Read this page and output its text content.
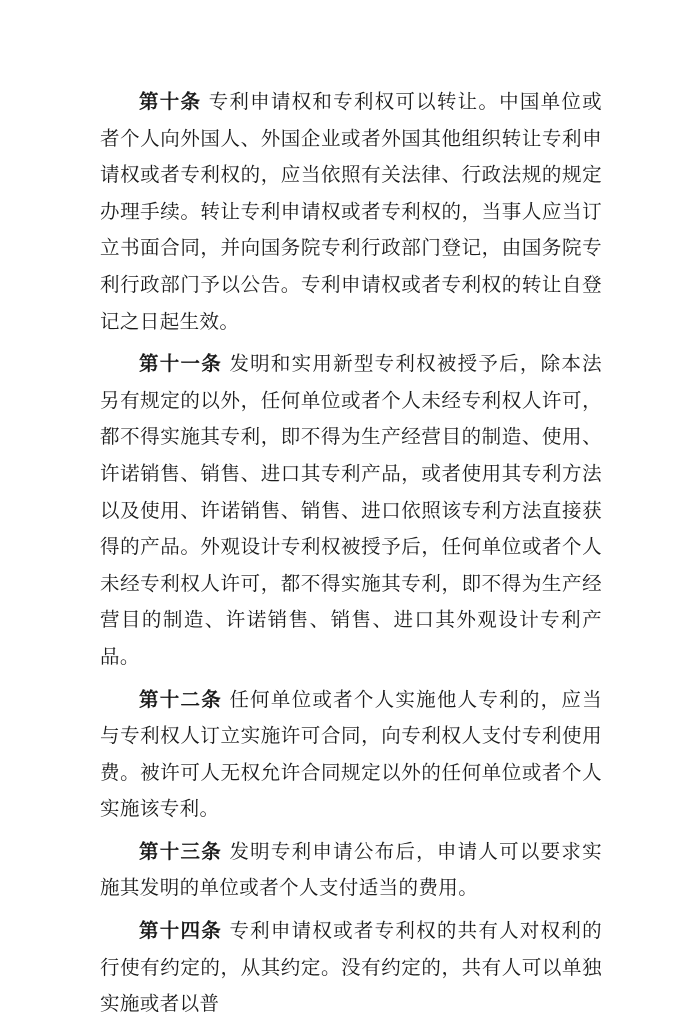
第十条 专利申请权和专利权可以转让。中国单位或者个人向外国人、外国企业或者外国其他组织转让专利申请权或者专利权的，应当依照有关法律、行政法规的规定办理手续。转让专利申请权或者专利权的，当事人应当订立书面合同，并向国务院专利行政部门登记，由国务院专利行政部门予以公告。专利申请权或者专利权的转让自登记之日起生效。

第十一条 发明和实用新型专利权被授予后，除本法另有规定的以外，任何单位或者个人未经专利权人许可，都不得实施其专利，即不得为生产经营目的制造、使用、许诺销售、销售、进口其专利产品，或者使用其专利方法以及使用、许诺销售、销售、进口依照该专利方法直接获得的产品。外观设计专利权被授予后，任何单位或者个人未经专利权人许可，都不得实施其专利，即不得为生产经营目的制造、许诺销售、销售、进口其外观设计专利产品。

第十二条 任何单位或者个人实施他人专利的，应当与专利权人订立实施许可合同，向专利权人支付专利使用费。被许可人无权允许合同规定以外的任何单位或者个人实施该专利。

第十三条 发明专利申请公布后，申请人可以要求实施其发明的单位或者个人支付适当的费用。

第十四条 专利申请权或者专利权的共有人对权利的行使有约定的，从其约定。没有约定的，共有人可以单独实施或者以普
